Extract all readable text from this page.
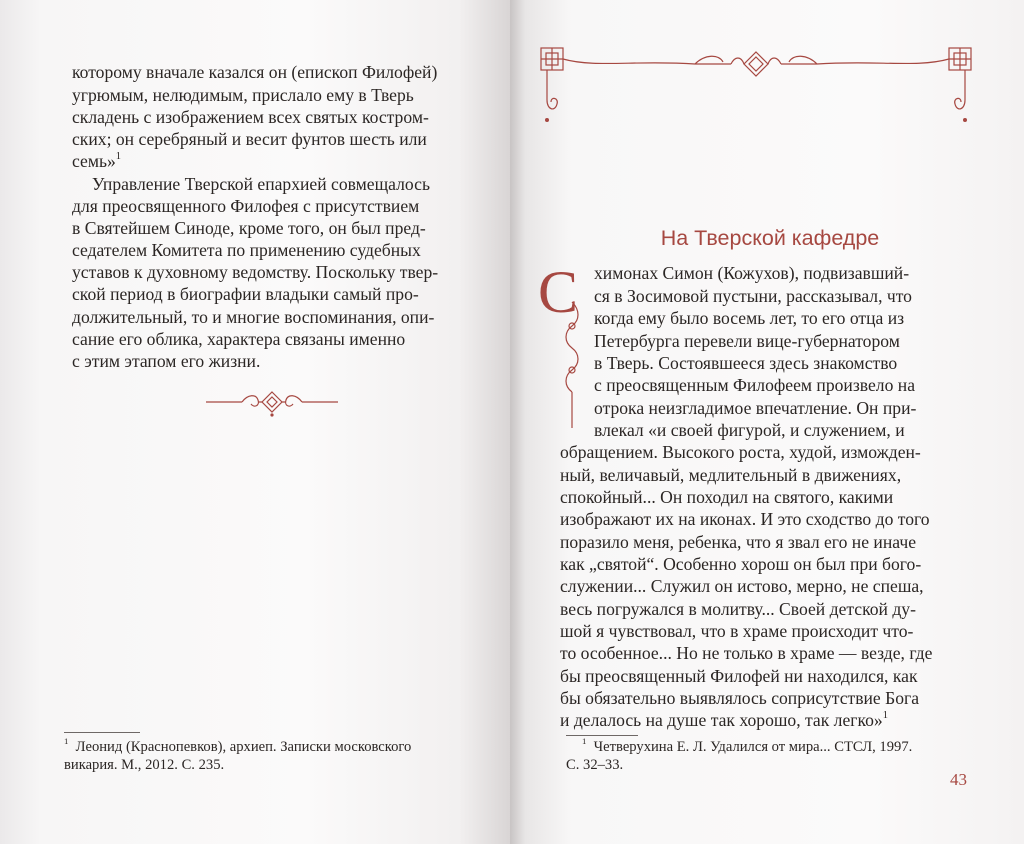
которому вначале казался он (епископ Филофей)
угрюмым, нелюдимым, прислало ему в Тверь
складень с изображением всех святых костром-
ских; он серебряный и весит фунтов шесть или
семь»$^1$
Управление Тверской епархией совмещалось
для преосвященного Филофея с присутствием
в Святейшем Синоде, кроме того, он был пред-
седателем Комитета по применению судебных
уставов к духовному ведомству. Поскольку твер-
ской период в биографии владыки самый про-
должительный, то и многие воспоминания, опи-
сание его облика, характера связаны именно
с этим этапом его жизни.
$^1$ Леонид (Краснопевков), архиеп. Записки московского
викария. М., 2012. С. 235.
На Тверской кафедре
С химонах Симон (Кожухов), подвизавший-
ся в Зосимовой пустыни, рассказывал, что
когда ему было восемь лет, то его отца из
Петербурга перевели вице-губернатором
в Тверь. Состоявшееся здесь знакомство
с преосвященным Филофеем произвело на
отрока неизгладимое впечатление. Он при-
влекал «и своей фигурой, и служением, и
обращением. Высокого роста, худой, изможден-
ный, величавый, медлительный в движениях,
спокойный... Он походил на святого, какими
изображают их на иконах. И это сходство до того
поразило меня, ребенка, что я звал его не иначе
как „святой“. Особенно хорош он был при бого-
служении... Служил он истово, мерно, не спеша,
весь погружался в молитву... Своей детской ду-
шой я чувствовал, что в храме происходит что-
то особенное... Но не только в храме — везде, где
бы преосвященный Филофей ни находился, как
бы обязательно выявлялось соприсутствие Бога
и делалось на душе так хорошо, так легко»$^1$
$^1$ Четверухина Е. Л. Удалился от мира... СТСЛ, 1997.
С. 32–33.
43
